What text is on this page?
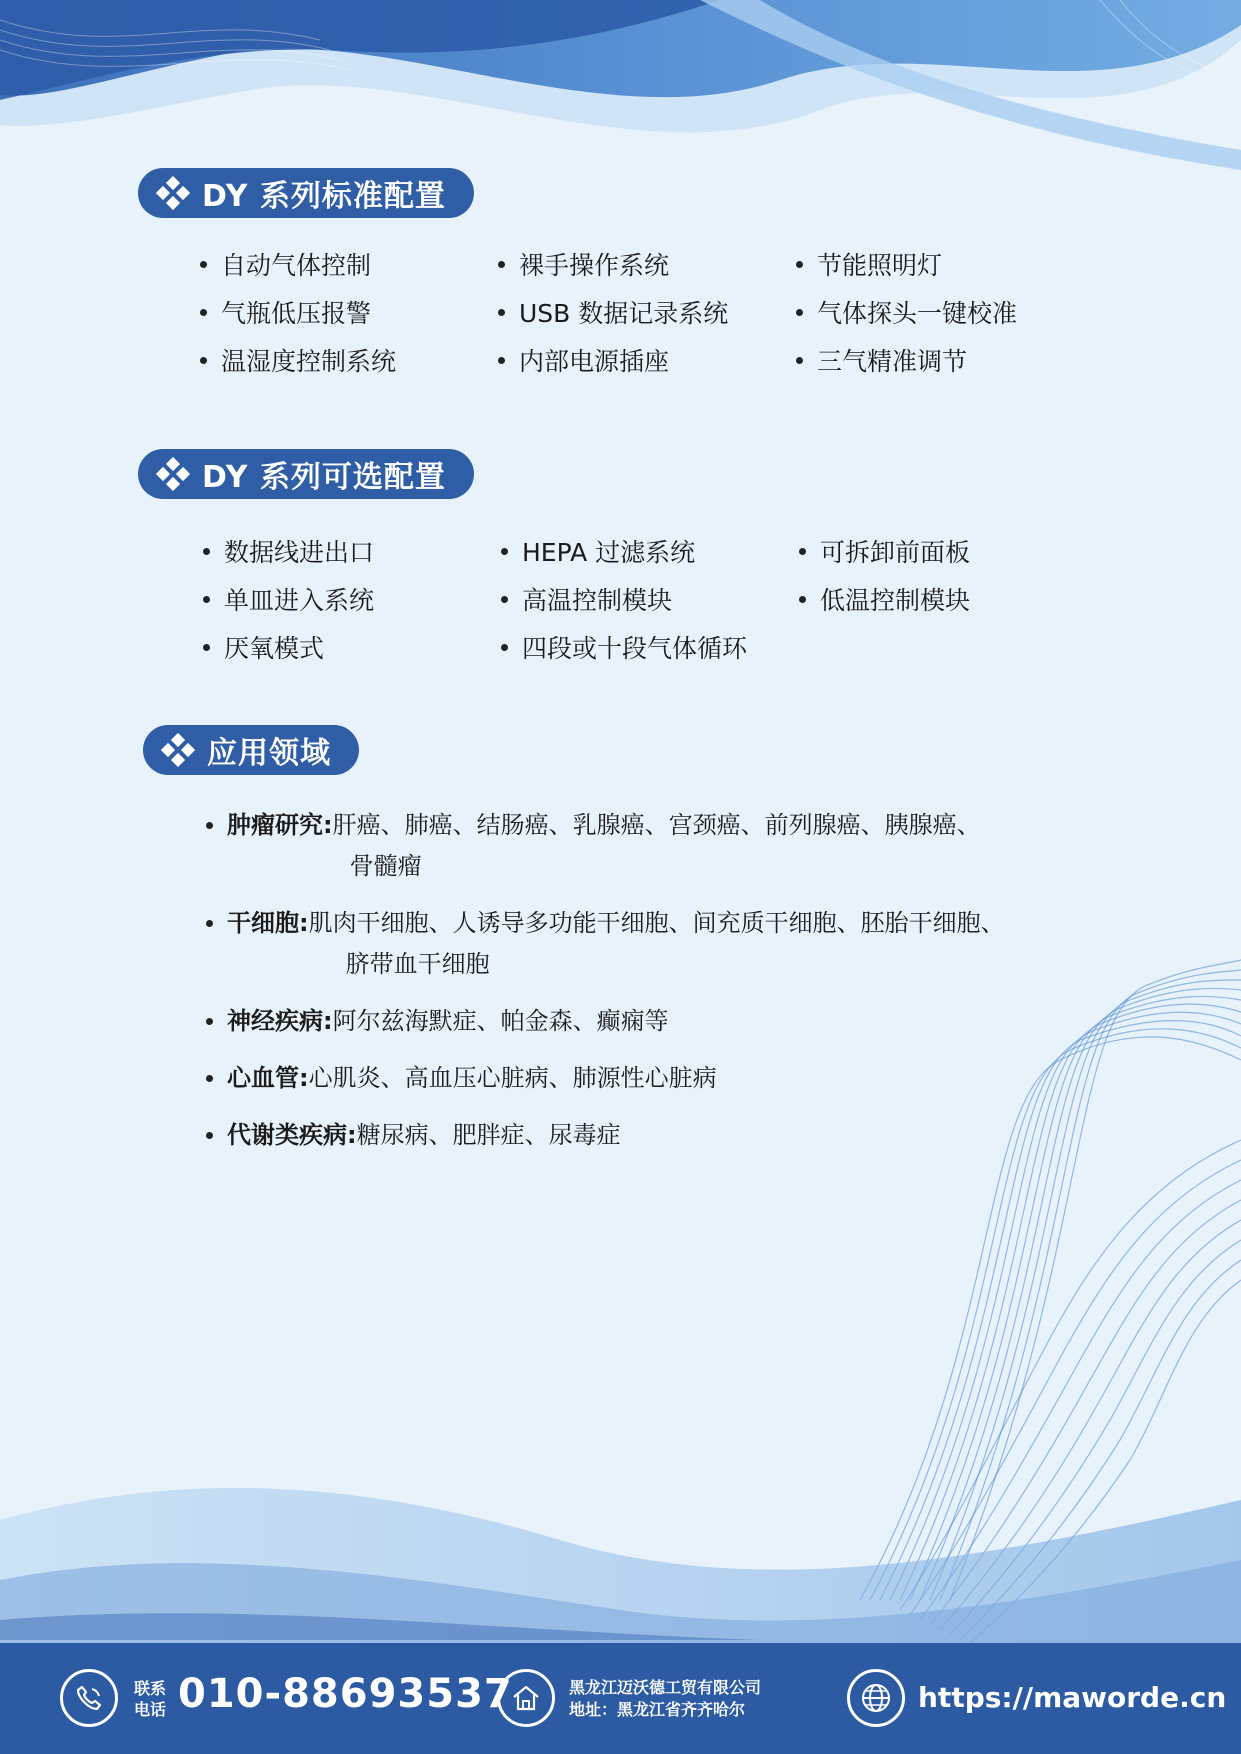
DY 系列标准配置
自动气体控制	裸手操作系统	节能照明灯
气瓶低压报警	USB 数据记录系统	气体探头一键校准
温湿度控制系统	内部电源插座	三气精准调节
DY 系列可选配置
数据线进出口	HEPA 过滤系统	可拆卸前面板
单皿进入系统	高温控制模块	低温控制模块
厌氧模式	四段或十段气体循环
应用领域
肿瘤研究: 肝癌、肺癌、结肠癌、乳腺癌、宫颈癌、前列腺癌、胰腺癌、
骨髓瘤
干细胞: 肌肉干细胞、人诱导多功能干细胞、间充质干细胞、胚胎干细胞、
脐带血干细胞
神经疾病: 阿尔兹海默症、帕金森、癫痫等
心血管: 心肌炎、高血压心脏病、肺源性心脏病
代谢类疾病: 糖尿病、肥胖症、尿毒症
联系
电话 010-88693537	黑龙江迈沃德工贸有限公司
地址：黑龙江省齐齐哈尔	https://maworde.cn
